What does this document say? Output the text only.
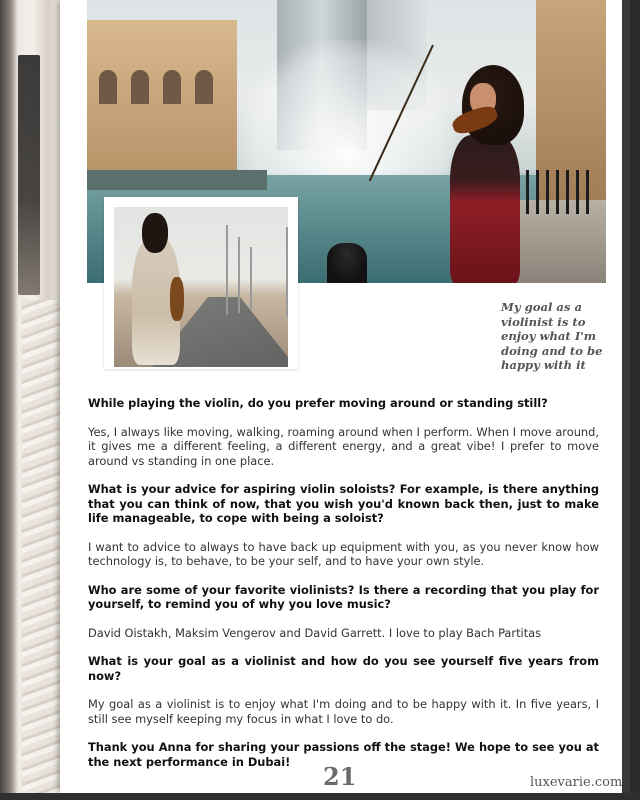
My goal as a violinist is to enjoy what I'm doing and to be happy with it

While playing the violin, do you prefer moving around or standing still?

Yes, I always like moving, walking, roaming around when I perform. When I move around, it gives me a different feeling, a different energy, and a great vibe! I prefer to move around vs standing in one place.

What is your advice for aspiring violin soloists? For example, is there anything that you can think of now, that you wish you'd known back then, just to make life manageable, to cope with being a soloist?

I want to advice to always to have back up equipment with you, as you never know how technology is, to behave, to be your self, and to have your own style.

Who are some of your favorite violinists? Is there a recording that you play for yourself, to remind you of why you love music?

David Oistakh, Maksim Vengerov and David Garrett. I love to play Bach Partitas

What is your goal as a violinist and how do you see yourself five years from now?

My goal as a violinist is to enjoy what I'm doing and to be happy with it. In five years, I still see myself keeping my focus in what I love to do.

Thank you Anna for sharing your passions off the stage! We hope to see you at the next performance in Dubai!

21	luxevarie.com
